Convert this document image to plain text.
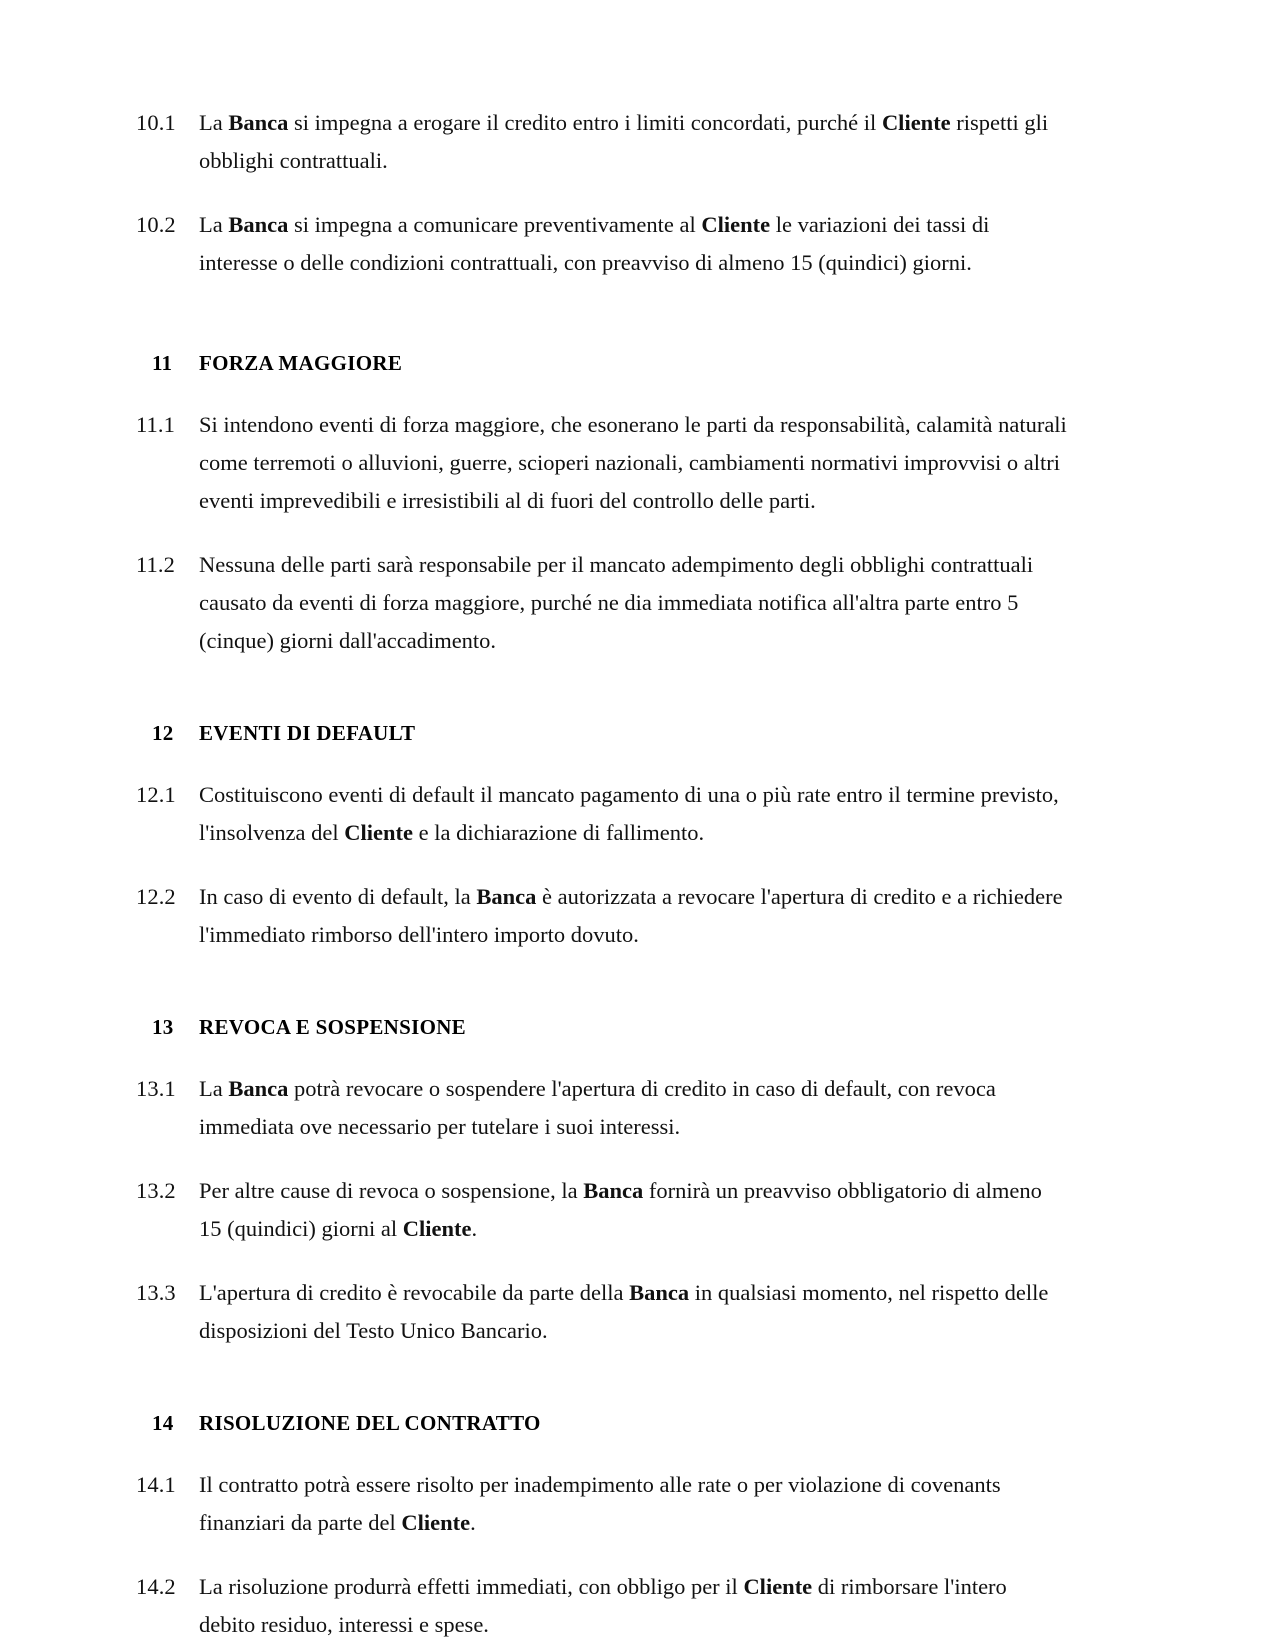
10.1	La Banca si impegna a erogare il credito entro i limiti concordati, purché il Cliente rispetti gli obblighi contrattuali.
10.2	La Banca si impegna a comunicare preventivamente al Cliente le variazioni dei tassi di interesse o delle condizioni contrattuali, con preavviso di almeno 15 (quindici) giorni.
11	FORZA MAGGIORE
11.1	Si intendono eventi di forza maggiore, che esonerano le parti da responsabilità, calamità naturali come terremoti o alluvioni, guerre, scioperi nazionali, cambiamenti normativi improvvisi o altri eventi imprevedibili e irresistibili al di fuori del controllo delle parti.
11.2	Nessuna delle parti sarà responsabile per il mancato adempimento degli obblighi contrattuali causato da eventi di forza maggiore, purché ne dia immediata notifica all'altra parte entro 5 (cinque) giorni dall'accadimento.
12	EVENTI DI DEFAULT
12.1	Costituiscono eventi di default il mancato pagamento di una o più rate entro il termine previsto, l'insolvenza del Cliente e la dichiarazione di fallimento.
12.2	In caso di evento di default, la Banca è autorizzata a revocare l'apertura di credito e a richiedere l'immediato rimborso dell'intero importo dovuto.
13	REVOCA E SOSPENSIONE
13.1	La Banca potrà revocare o sospendere l'apertura di credito in caso di default, con revoca immediata ove necessario per tutelare i suoi interessi.
13.2	Per altre cause di revoca o sospensione, la Banca fornirà un preavviso obbligatorio di almeno 15 (quindici) giorni al Cliente.
13.3	L'apertura di credito è revocabile da parte della Banca in qualsiasi momento, nel rispetto delle disposizioni del Testo Unico Bancario.
14	RISOLUZIONE DEL CONTRATTO
14.1	Il contratto potrà essere risolto per inadempimento alle rate o per violazione di covenants finanziari da parte del Cliente.
14.2	La risoluzione produrrà effetti immediati, con obbligo per il Cliente di rimborsare l'intero debito residuo, interessi e spese.
